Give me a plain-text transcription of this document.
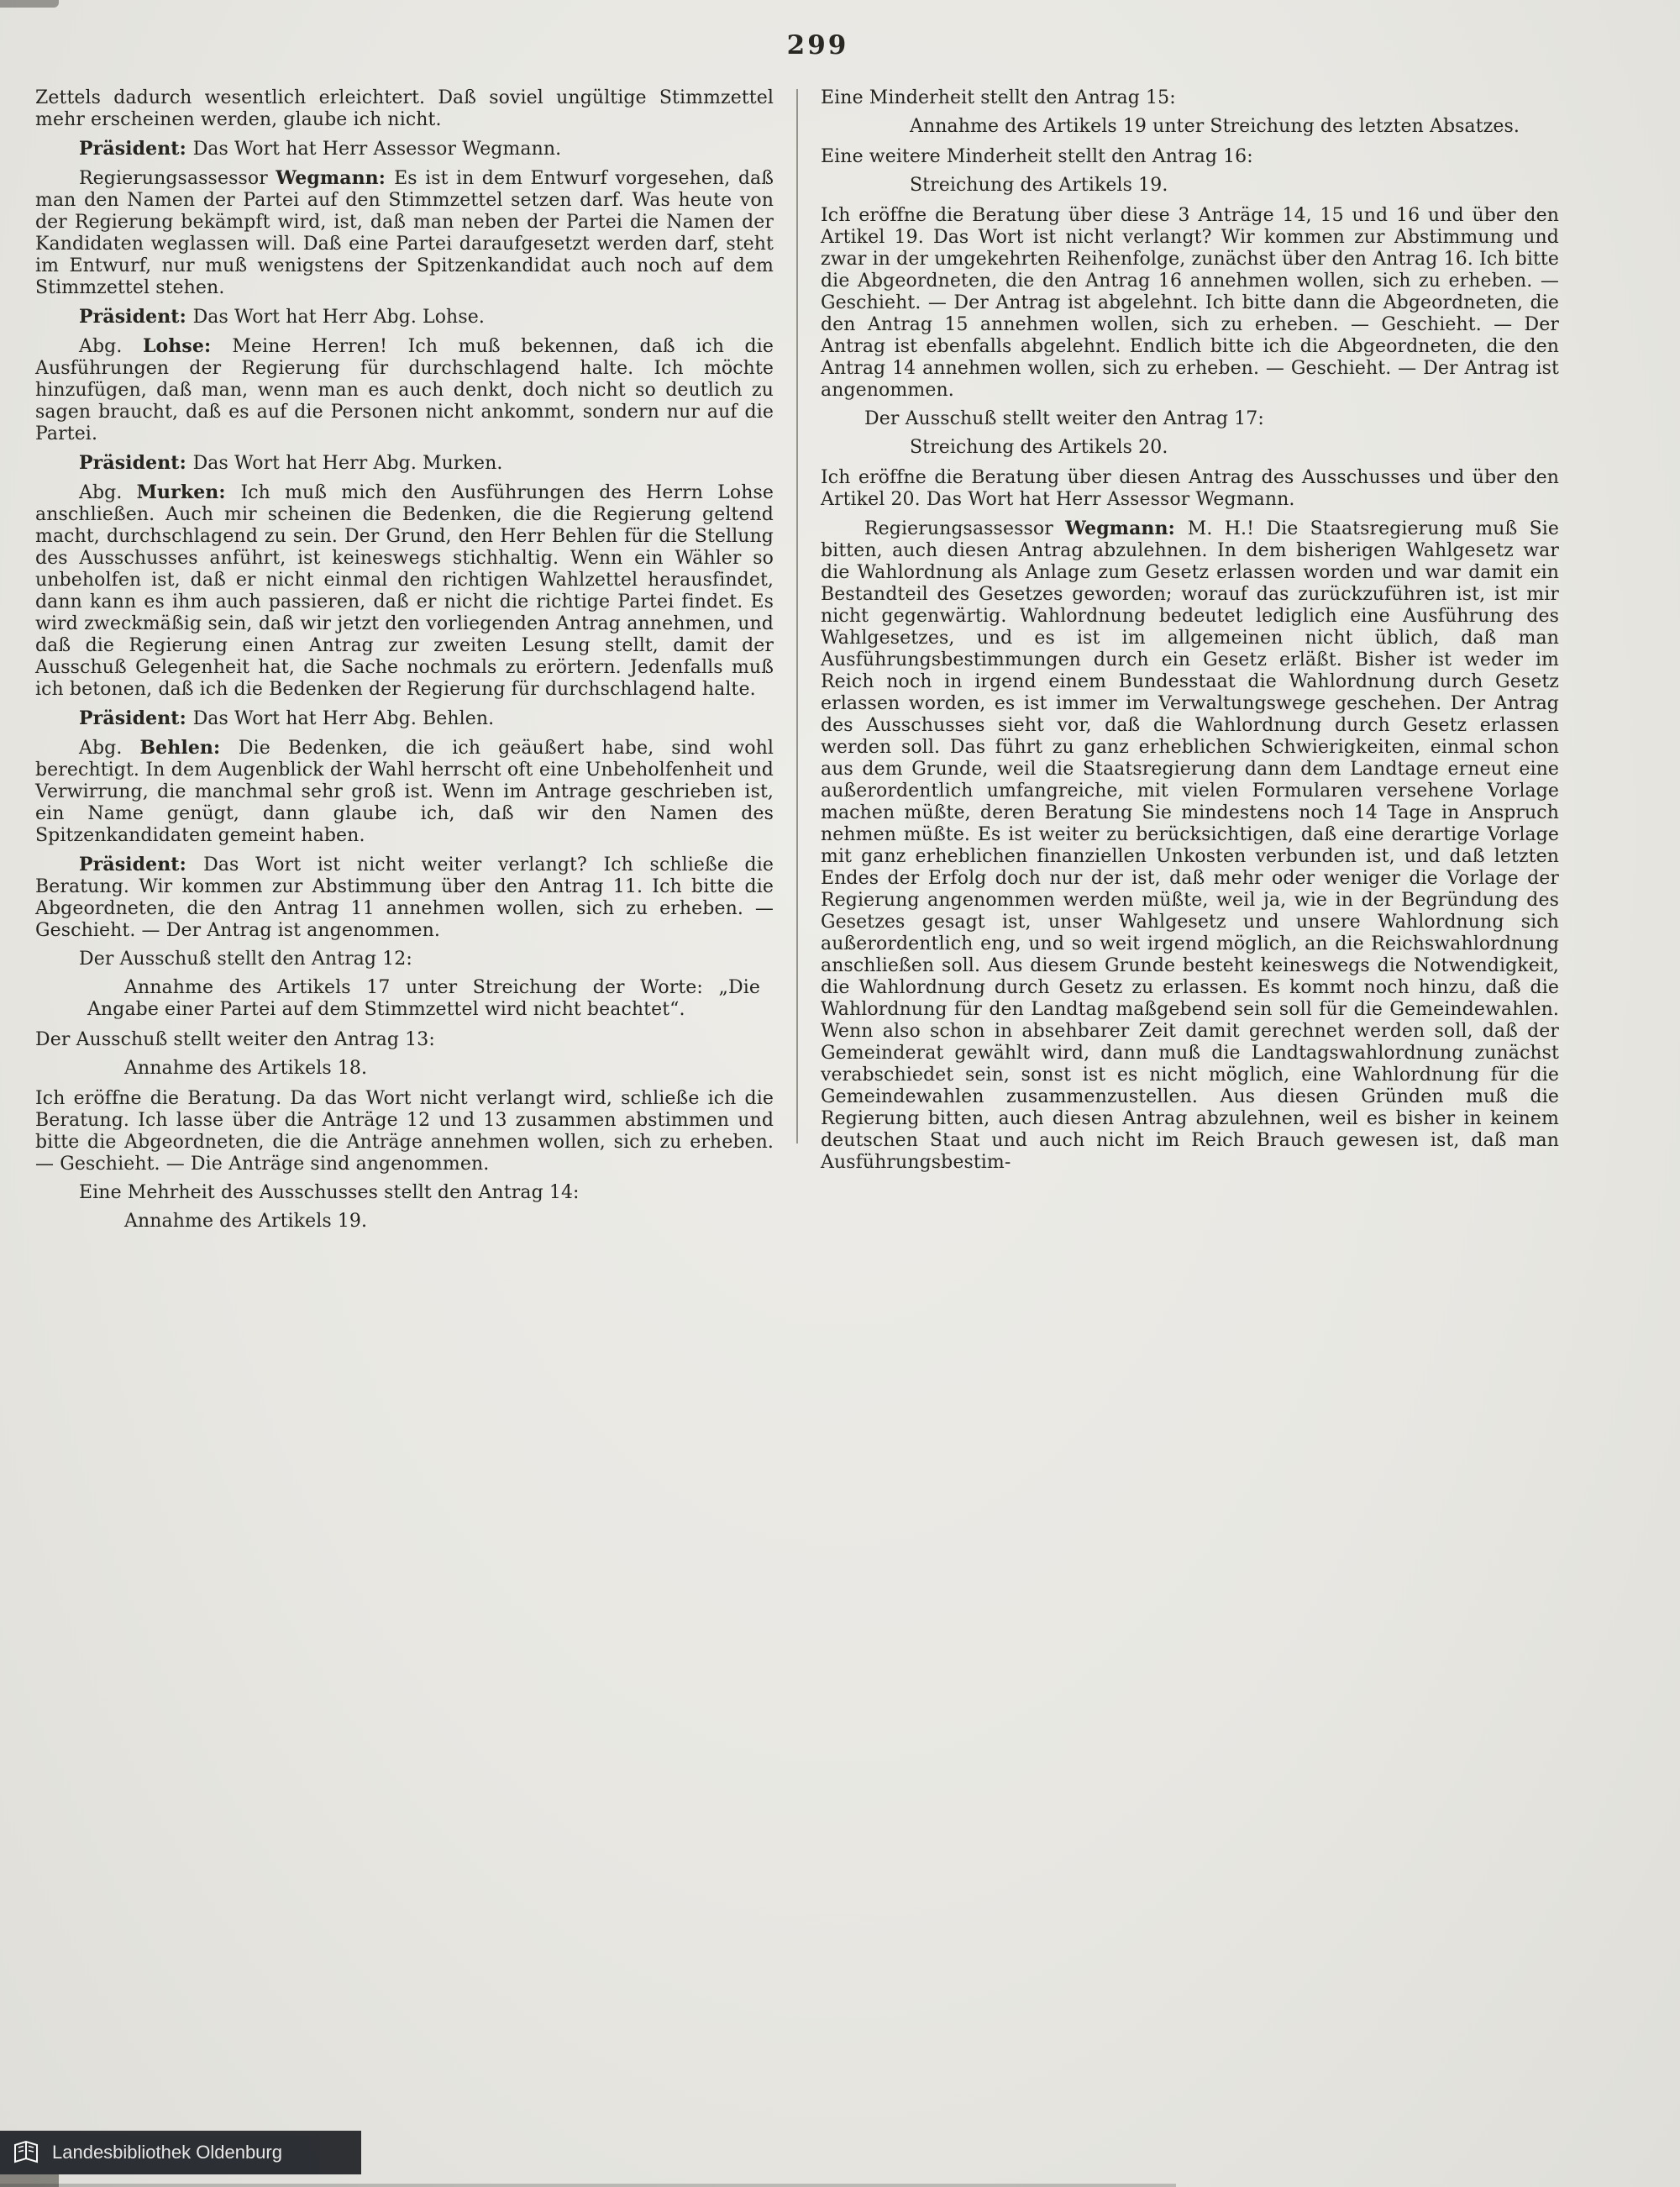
299

Zettels dadurch wesentlich erleichtert. Daß soviel ungültige Stimmzettel mehr erscheinen werden, glaube ich nicht.

Präsident: Das Wort hat Herr Assessor Wegmann.

Regierungsassessor Wegmann: Es ist in dem Entwurf vorgesehen, daß man den Namen der Partei auf den Stimmzettel setzen darf. Was heute von der Regierung bekämpft wird, ist, daß man neben der Partei die Namen der Kandidaten weglassen will. Daß eine Partei daraufgesetzt werden darf, steht im Entwurf, nur muß wenigstens der Spitzenkandidat auch noch auf dem Stimmzettel stehen.

Präsident: Das Wort hat Herr Abg. Lohse.

Abg. Lohse: Meine Herren! Ich muß bekennen, daß ich die Ausführungen der Regierung für durchschlagend halte. Ich möchte hinzufügen, daß man, wenn man es auch denkt, doch nicht so deutlich zu sagen braucht, daß es auf die Personen nicht ankommt, sondern nur auf die Partei.

Präsident: Das Wort hat Herr Abg. Murken.

Abg. Murken: Ich muß mich den Ausführungen des Herrn Lohse anschließen. Auch mir scheinen die Bedenken, die die Regierung geltend macht, durchschlagend zu sein. Der Grund, den Herr Behlen für die Stellung des Ausschusses anführt, ist keineswegs stichhaltig. Wenn ein Wähler so unbeholfen ist, daß er nicht einmal den richtigen Wahlzettel herausfindet, dann kann es ihm auch passieren, daß er nicht die richtige Partei findet. Es wird zweckmäßig sein, daß wir jetzt den vorliegenden Antrag annehmen, und daß die Regierung einen Antrag zur zweiten Lesung stellt, damit der Ausschuß Gelegenheit hat, die Sache nochmals zu erörtern. Jedenfalls muß ich betonen, daß ich die Bedenken der Regierung für durchschlagend halte.

Präsident: Das Wort hat Herr Abg. Behlen.

Abg. Behlen: Die Bedenken, die ich geäußert habe, sind wohl berechtigt. In dem Augenblick der Wahl herrscht oft eine Unbeholfenheit und Verwirrung, die manchmal sehr groß ist. Wenn im Antrage geschrieben ist, ein Name genügt, dann glaube ich, daß wir den Namen des Spitzenkandidaten gemeint haben.

Präsident: Das Wort ist nicht weiter verlangt? Ich schließe die Beratung. Wir kommen zur Abstimmung über den Antrag 11. Ich bitte die Abgeordneten, die den Antrag 11 annehmen wollen, sich zu erheben. — Geschieht. — Der Antrag ist angenommen.

Der Ausschuß stellt den Antrag 12:

Annahme des Artikels 17 unter Streichung der Worte: „Die Angabe einer Partei auf dem Stimmzettel wird nicht beachtet“.

Der Ausschuß stellt weiter den Antrag 13:

Annahme des Artikels 18.

Ich eröffne die Beratung. Da das Wort nicht verlangt wird, schließe ich die Beratung. Ich lasse über die Anträge 12 und 13 zusammen abstimmen und bitte die Abgeordneten, die die Anträge annehmen wollen, sich zu erheben. — Geschieht. — Die Anträge sind angenommen.

Eine Mehrheit des Ausschusses stellt den Antrag 14:

Annahme des Artikels 19.

Eine Minderheit stellt den Antrag 15:

Annahme des Artikels 19 unter Streichung des letzten Absatzes.

Eine weitere Minderheit stellt den Antrag 16:

Streichung des Artikels 19.

Ich eröffne die Beratung über diese 3 Anträge 14, 15 und 16 und über den Artikel 19. Das Wort ist nicht verlangt? Wir kommen zur Abstimmung und zwar in der umgekehrten Reihenfolge, zunächst über den Antrag 16. Ich bitte die Abgeordneten, die den Antrag 16 annehmen wollen, sich zu erheben. — Geschieht. — Der Antrag ist abgelehnt. Ich bitte dann die Abgeordneten, die den Antrag 15 annehmen wollen, sich zu erheben. — Geschieht. — Der Antrag ist ebenfalls abgelehnt. Endlich bitte ich die Abgeordneten, die den Antrag 14 annehmen wollen, sich zu erheben. — Geschieht. — Der Antrag ist angenommen.

Der Ausschuß stellt weiter den Antrag 17:

Streichung des Artikels 20.

Ich eröffne die Beratung über diesen Antrag des Ausschusses und über den Artikel 20. Das Wort hat Herr Assessor Wegmann.

Regierungsassessor Wegmann: M. H.! Die Staatsregierung muß Sie bitten, auch diesen Antrag abzulehnen. In dem bisherigen Wahlgesetz war die Wahlordnung als Anlage zum Gesetz erlassen worden und war damit ein Bestandteil des Gesetzes geworden; worauf das zurückzuführen ist, ist mir nicht gegenwärtig. Wahlordnung bedeutet lediglich eine Ausführung des Wahlgesetzes, und es ist im allgemeinen nicht üblich, daß man Ausführungsbestimmungen durch ein Gesetz erläßt. Bisher ist weder im Reich noch in irgend einem Bundesstaat die Wahlordnung durch Gesetz erlassen worden, es ist immer im Verwaltungswege geschehen. Der Antrag des Ausschusses sieht vor, daß die Wahlordnung durch Gesetz erlassen werden soll. Das führt zu ganz erheblichen Schwierigkeiten, einmal schon aus dem Grunde, weil die Staatsregierung dann dem Landtage erneut eine außerordentlich umfangreiche, mit vielen Formularen versehene Vorlage machen müßte, deren Beratung Sie mindestens noch 14 Tage in Anspruch nehmen müßte. Es ist weiter zu berücksichtigen, daß eine derartige Vorlage mit ganz erheblichen finanziellen Unkosten verbunden ist, und daß letzten Endes der Erfolg doch nur der ist, daß mehr oder weniger die Vorlage der Regierung angenommen werden müßte, weil ja, wie in der Begründung des Gesetzes gesagt ist, unser Wahlgesetz und unsere Wahlordnung sich außerordentlich eng, und so weit irgend möglich, an die Reichswahlordnung anschließen soll. Aus diesem Grunde besteht keineswegs die Notwendigkeit, die Wahlordnung durch Gesetz zu erlassen. Es kommt noch hinzu, daß die Wahlordnung für den Landtag maßgebend sein soll für die Gemeindewahlen. Wenn also schon in absehbarer Zeit damit gerechnet werden soll, daß der Gemeinderat gewählt wird, dann muß die Landtagswahlordnung zunächst verabschiedet sein, sonst ist es nicht möglich, eine Wahlordnung für die Gemeindewahlen zusammenzustellen. Aus diesen Gründen muß die Regierung bitten, auch diesen Antrag abzulehnen, weil es bisher in keinem deutschen Staat und auch nicht im Reich Brauch gewesen ist, daß man Ausführungsbestim-

Landesbibliothek Oldenburg
